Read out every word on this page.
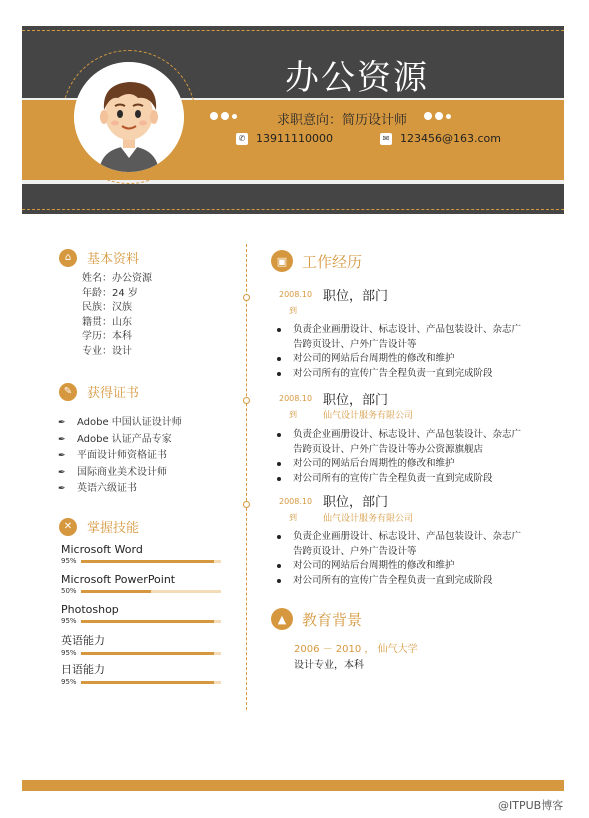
办公资源
求职意向：简历设计师
✆ 13911110000	✉ 123456@163.com
⌂	基本资料
姓名：办公资源
年龄：24 岁
民族：汉族
籍贯：山东
学历：本科
专业：设计
✎	获得证书
✒ Adobe 中国认证设计师
✒ Adobe 认证产品专家
✒ 平面设计师资格证书
✒ 国际商业美术设计师
✒ 英语六级证书
✕	掌握技能
Microsoft Word
95%
Microsoft PowerPoint
50%
Photoshop
95%
英语能力
95%
日语能力
95%
▣ 工作经历
2008.10
到
职位，部门
负责企业画册设计、标志设计、产品包装设计、杂志广告跨页设计、户外广告设计等
对公司的网站后台周期性的修改和维护
对公司所有的宣传广告全程负责一直到完成阶段
2008.10
到
职位，部门
仙气设计服务有限公司
负责企业画册设计、标志设计、产品包装设计、杂志广告跨页设计、户外广告设计等办公资源旗舰店
对公司的网站后台周期性的修改和维护
对公司所有的宣传广告全程负责一直到完成阶段
2008.10
到
职位，部门
仙气设计服务有限公司
负责企业画册设计、标志设计、产品包装设计、杂志广告跨页设计、户外广告设计等
对公司的网站后台周期性的修改和维护
对公司所有的宣传广告全程负责一直到完成阶段
▲	教育背景
2006 － 2010 ， 仙气大学
设计专业，本科
@ITPUB博客
